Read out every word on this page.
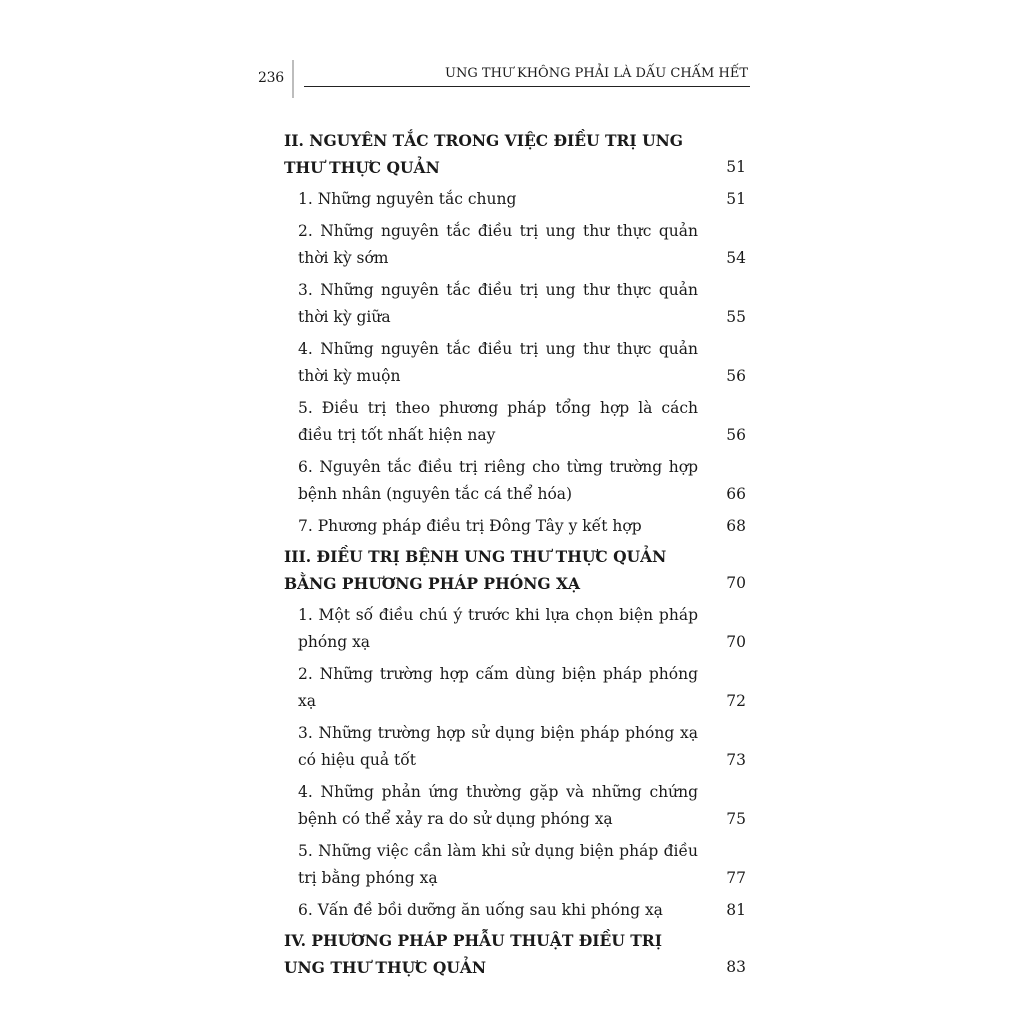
236	UNG THƯ KHÔNG PHẢI LÀ DẤU CHẤM HẾT
II. NGUYÊN TẮC TRONG VIỆC ĐIỀU TRỊ UNG THƯ THỰC QUẢN	51
1. Những nguyên tắc chung	51
2. Những nguyên tắc điều trị ung thư thực quản thời kỳ sớm	54
3. Những nguyên tắc điều trị ung thư thực quản thời kỳ giữa	55
4. Những nguyên tắc điều trị ung thư thực quản thời kỳ muộn	56
5. Điều trị theo phương pháp tổng hợp là cách điều trị tốt nhất hiện nay	56
6. Nguyên tắc điều trị riêng cho từng trường hợp bệnh nhân (nguyên tắc cá thể hóa)	66
7. Phương pháp điều trị Đông Tây y kết hợp	68
III. ĐIỀU TRỊ BỆNH UNG THƯ THỰC QUẢN BẰNG PHƯƠNG PHÁP PHÓNG XẠ	70
1. Một số điều chú ý trước khi lựa chọn biện pháp phóng xạ	70
2. Những trường hợp cấm dùng biện pháp phóng xạ	72
3. Những trường hợp sử dụng biện pháp phóng xạ có hiệu quả tốt	73
4. Những phản ứng thường gặp và những chứng bệnh có thể xảy ra do sử dụng phóng xạ	75
5. Những việc cần làm khi sử dụng biện pháp điều trị bằng phóng xạ	77
6. Vấn đề bồi dưỡng ăn uống sau khi phóng xạ	81
IV. PHƯƠNG PHÁP PHẪU THUẬT ĐIỀU TRỊ UNG THƯ THỰC QUẢN	83
